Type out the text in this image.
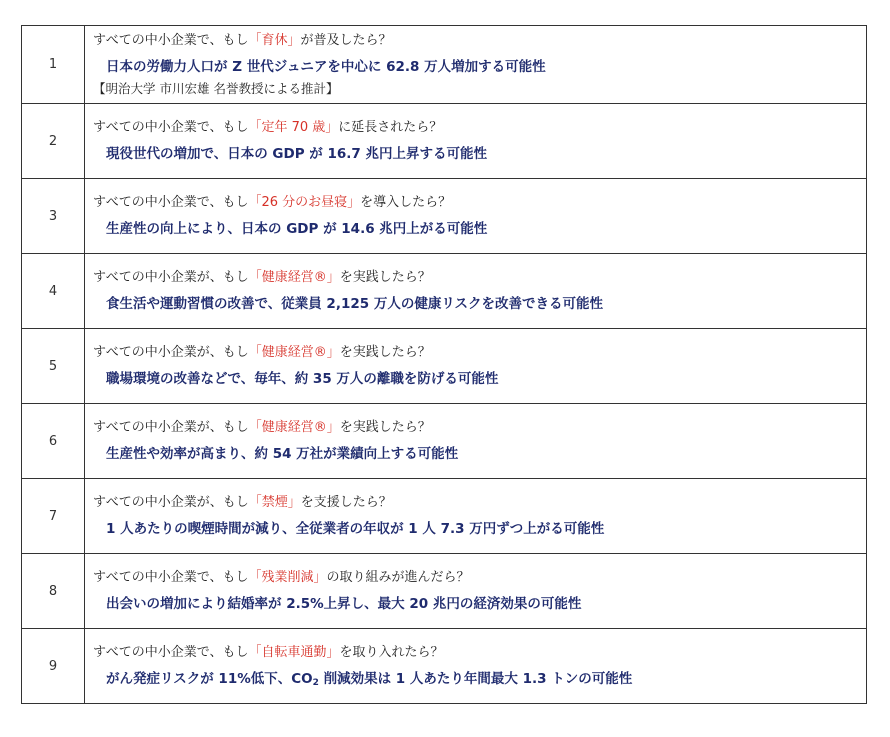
1	すべての中小企業で、もし「育休」が普及したら？
日本の労働力人口が Z 世代ジュニアを中心に 62.8 万人増加する可能性
【明治大学 市川宏雄 名誉教授による推計】

2	すべての中小企業で、もし「定年 70 歳」に延長されたら？
現役世代の増加で、日本の GDP が 16.7 兆円上昇する可能性

3	すべての中小企業で、もし「26 分のお昼寝」を導入したら？
生産性の向上により、日本の GDP が 14.6 兆円上がる可能性

4	すべての中小企業が、もし「健康経営®」を実践したら？
食生活や運動習慣の改善で、従業員 2,125 万人の健康リスクを改善できる可能性

5	すべての中小企業が、もし「健康経営®」を実践したら？
職場環境の改善などで、毎年、約 35 万人の離職を防げる可能性

6	すべての中小企業が、もし「健康経営®」を実践したら？
生産性や効率が高まり、約 54 万社が業績向上する可能性

7	すべての中小企業が、もし「禁煙」を支援したら？
1 人あたりの喫煙時間が減り、全従業者の年収が 1 人 7.3 万円ずつ上がる可能性

8	すべての中小企業で、もし「残業削減」の取り組みが進んだら？
出会いの増加により結婚率が 2.5%上昇し、最大 20 兆円の経済効果の可能性

9	すべての中小企業で、もし「自転車通勤」を取り入れたら？
がん発症リスクが 11%低下、$CO_2$ 削減効果は 1 人あたり年間最大 1.3 トンの可能性
